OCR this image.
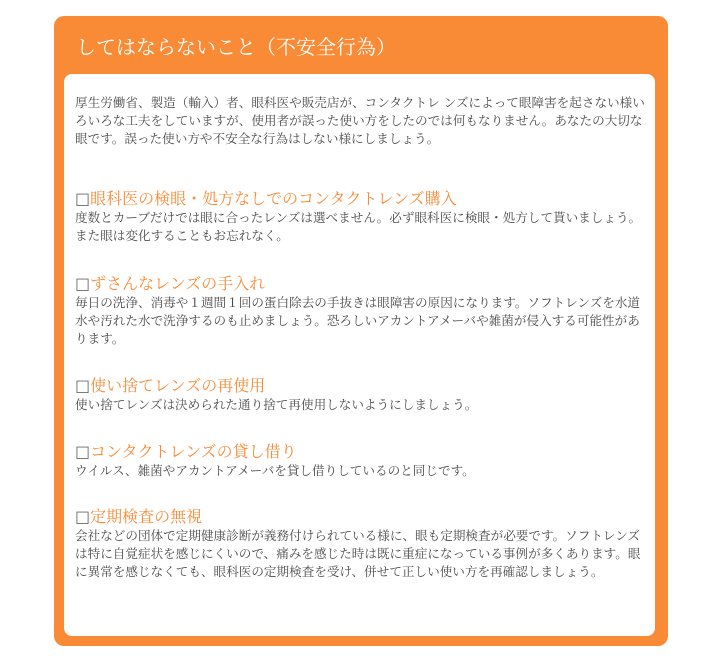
してはならないこと（不安全行為）

厚生労働省、製造（輸入）者、眼科医や販売店が、コンタクトレ ンズによって眼障害を起さない様いろいろな工夫をしていますが、使用者が誤った使い方をしたのでは何もなりません。あなたの大切な眼です。誤った使い方や不安全な行為はしない様にしましょう。

□眼科医の検眼・処方なしでのコンタクトレンズ購入

度数とカーブだけでは眼に合ったレンズは選べません。必ず眼科医に検眼・処方して貰いましょう。また眼は変化することもお忘れなく。

□ずさんなレンズの手入れ

毎日の洗浄、消毒や１週間１回の蛋白除去の手抜きは眼障害の原因になります。ソフトレンズを水道水や汚れた水で洗浄するのも止めましょう。恐ろしいアカントアメーバや雑菌が侵入する可能性があります。

□使い捨てレンズの再使用

使い捨てレンズは決められた通り捨て再使用しないようにしましょう。

□コンタクトレンズの貸し借り

ウイルス、雑菌やアカントアメーバを貸し借りしているのと同じです。

□定期検査の無視

会社などの団体で定期健康診断が義務付けられている様に、眼も定期検査が必要です。ソフトレンズは特に自覚症状を感じにくいので、痛みを感じた時は既に重症になっている事例が多くあります。眼に異常を感じなくても、眼科医の定期検査を受け、併せて正しい使い方を再確認しましょう。
